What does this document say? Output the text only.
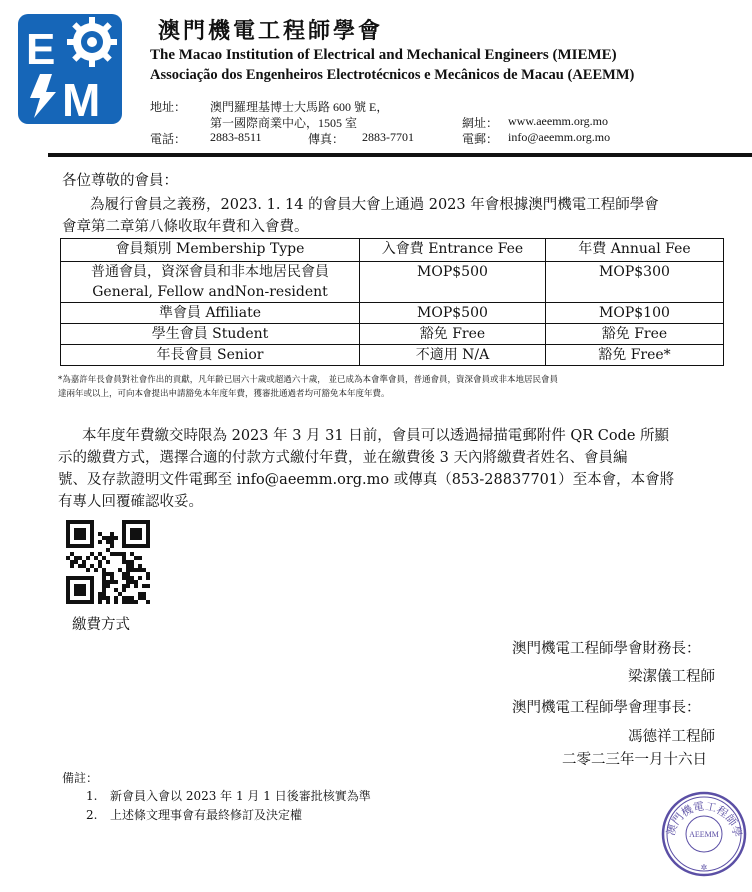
E
M
澳門機電工程師學會
The Macao Institution of Electrical and Mechanical Engineers (MIEME)
Associação dos Engenheiros Electrotécnicos e Mecânicos de Macau (AEEMM)
地址： 澳門羅理基博士大馬路 600 號 E，
第一國際商業中心，1505 室	網址： www.aeemm.org.mo
電話： 2883-8511	傳真： 2883-7701	電郵： info@aeemm.org.mo
各位尊敬的會員：
為履行會員之義務，2023. 1. 14 的會員大會上通過 2023 年會根據澳門機電工程師學會
會章第二章第八條收取年費和入會費。
會員類別 Membership Type	入會費 Entrance Fee	年費 Annual Fee

普通會員，資深會員和非本地居民會員
General, Fellow andNon-resident	MOP$500	MOP$300
準會員 Affiliate	MOP$500	MOP$100
學生會員 Student	豁免 Free	豁免 Free
年長會員 Senior	不適用 N/A	豁免 Free*
*為嘉許年長會員對社會作出的貢獻，凡年齡已屆六十歲或超過六十歲， 並已成為本會準會員，普通會員，資深會員或非本地居民會員
達兩年或以上，可向本會提出申請豁免本年度年費，獲審批通過者均可豁免本年度年費。
本年度年費繳交時限為 2023 年 3 月 31 日前，會員可以透過掃描電郵附件 QR Code 所顯
示的繳費方式，選擇合適的付款方式繳付年費，並在繳費後 3 天內將繳費者姓名、會員編
號、及存款證明文件電郵至 info@aeemm.org.mo 或傳真（853-28837701）至本會，本會將
有專人回覆確認收妥。
繳費方式
澳門機電工程師學會財務長：
梁潔儀工程師
澳門機電工程師學會理事長：
馮德祥工程師
二零二三年一月十六日
備註：
1. 新會員入會以 2023 年 1 月 1 日後審批核實為準
2. 上述條文理事會有最終修訂及決定權
澳門機電工程師學
AEEMM
✲
